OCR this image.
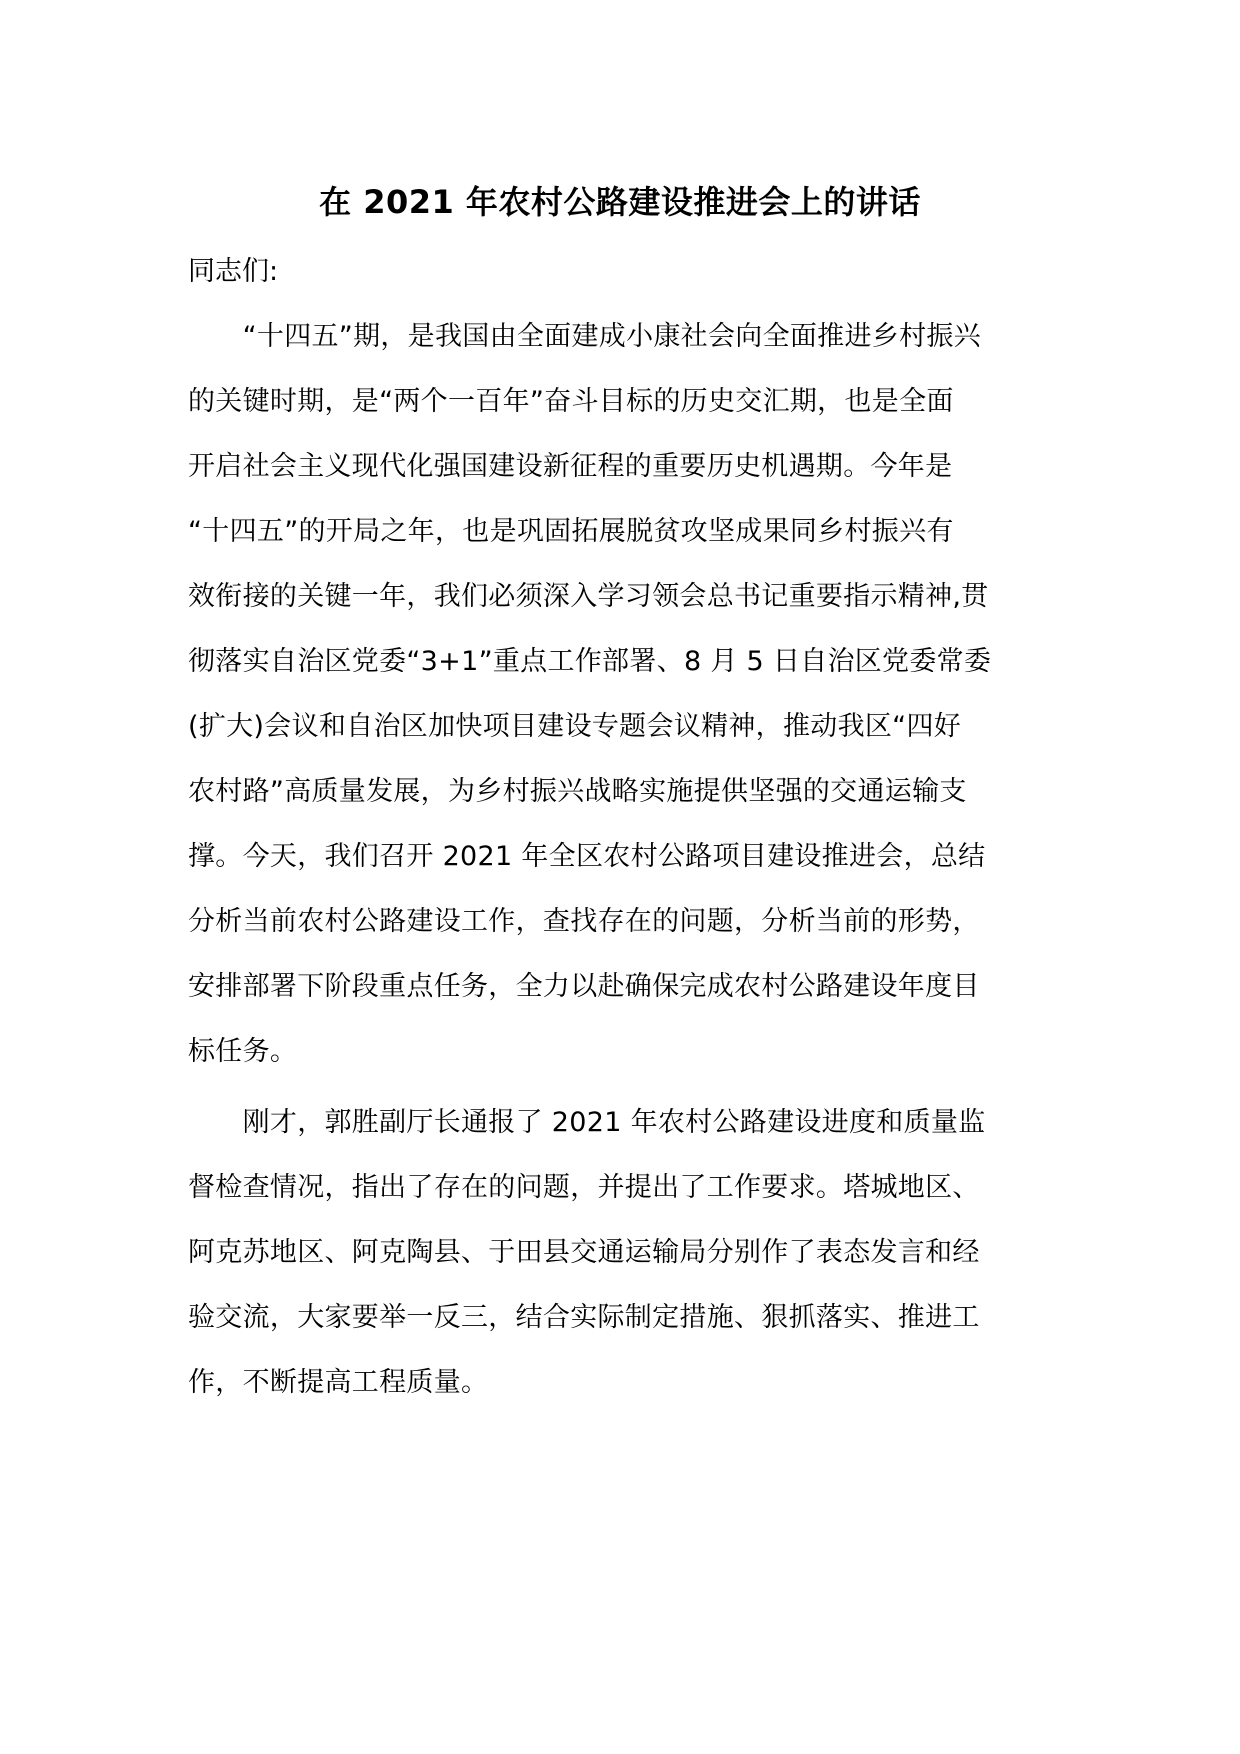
在 2021 年农村公路建设推进会上的讲话
同志们:
　　“十四五”期，是我国由全面建成小康社会向全面推进乡村振兴
的关键时期，是“两个一百年”奋斗目标的历史交汇期，也是全面
开启社会主义现代化强国建设新征程的重要历史机遇期。今年是
“十四五”的开局之年，也是巩固拓展脱贫攻坚成果同乡村振兴有
效衔接的关键一年，我们必须深入学习领会总书记重要指示精神,贯
彻落实自治区党委“3+1”重点工作部署、8 月 5 日自治区党委常委
(扩大)会议和自治区加快项目建设专题会议精神，推动我区“四好
农村路”高质量发展，为乡村振兴战略实施提供坚强的交通运输支
撑。今天，我们召开 2021 年全区农村公路项目建设推进会，总结
分析当前农村公路建设工作，查找存在的问题，分析当前的形势，
安排部署下阶段重点任务，全力以赴确保完成农村公路建设年度目
标任务。
　　刚才，郭胜副厅长通报了 2021 年农村公路建设进度和质量监
督检查情况，指出了存在的问题，并提出了工作要求。塔城地区、
阿克苏地区、阿克陶县、于田县交通运输局分别作了表态发言和经
验交流，大家要举一反三，结合实际制定措施、狠抓落实、推进工
作，不断提高工程质量。
